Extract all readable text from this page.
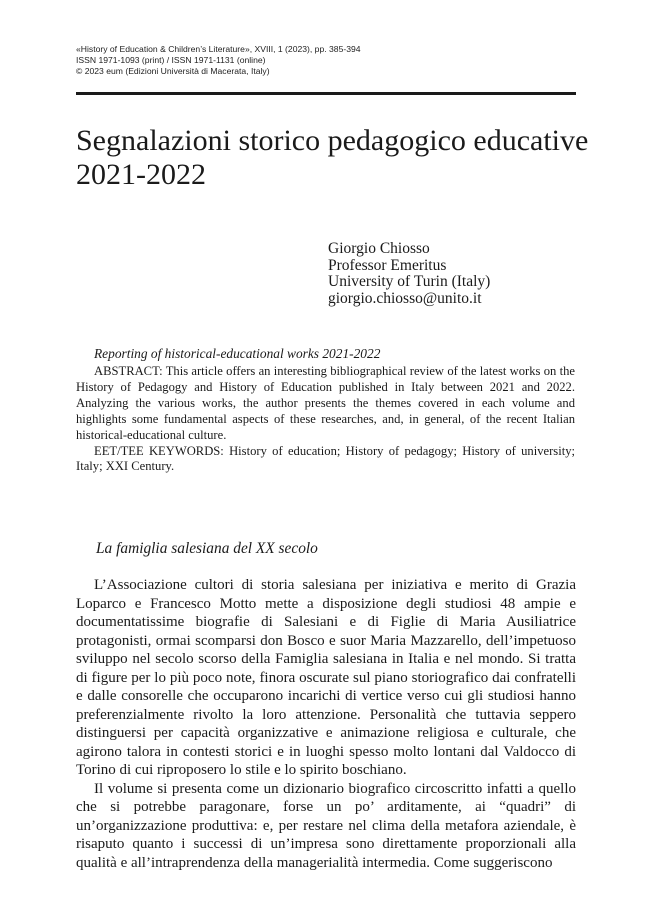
«History of Education & Children’s Literature», XVIII, 1 (2023), pp. 385-394
ISSN 1971-1093 (print) / ISSN 1971-1131 (online)
© 2023 eum (Edizioni Università di Macerata, Italy)
Segnalazioni storico pedagogico educative
2021-2022
Giorgio Chiosso
Professor Emeritus
University of Turin (Italy)
giorgio.chiosso@unito.it

Reporting of historical-educational works 2021-2022

ABSTRACT: This article offers an interesting bibliographical review of the latest works on the History of Pedagogy and History of Education published in Italy between 2021 and 2022. Analyzing the various works, the author presents the themes covered in each volume and highlights some fundamental aspects of these researches, and, in general, of the recent Italian historical-educational culture.

EET/TEE KEYWORDS: History of education; History of pedagogy; History of university; Italy; XXI Century.

La famiglia salesiana del XX secolo

L’Associazione cultori di storia salesiana per iniziativa e merito di Grazia Loparco e Francesco Motto mette a disposizione degli studiosi 48 ampie e documentatissime biografie di Salesiani e di Figlie di Maria Ausiliatrice protagonisti, ormai scomparsi don Bosco e suor Maria Mazzarello, dell’impetuoso sviluppo nel secolo scorso della Famiglia salesiana in Italia e nel mondo. Si tratta di figure per lo più poco note, finora oscurate sul piano storiografico dai confratelli e dalle consorelle che occuparono incarichi di vertice verso cui gli studiosi hanno preferenzialmente rivolto la loro attenzione. Personalità che tuttavia seppero distinguersi per capacità organizzative e animazione religiosa e culturale, che agirono talora in contesti storici e in luoghi spesso molto lontani dal Valdocco di Torino di cui riproposero lo stile e lo spirito boschiano.

Il volume si presenta come un dizionario biografico circoscritto infatti a quello che si potrebbe paragonare, forse un po’ arditamente, ai “quadri” di un’organizzazione produttiva: e, per restare nel clima della metafora aziendale, è risaputo quanto i successi di un’impresa sono direttamente proporzionali alla qualità e all’intraprendenza della managerialità intermedia. Come suggeriscono
